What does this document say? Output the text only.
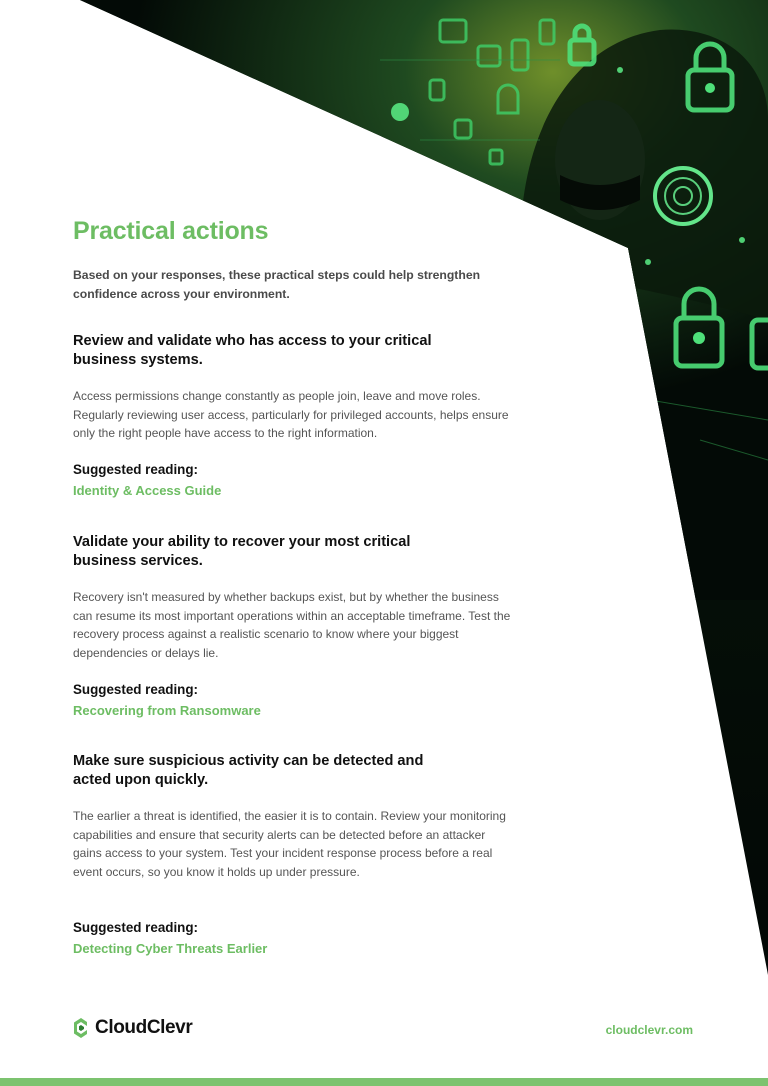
Practical actions
Based on your responses, these practical steps could help strengthen confidence across your environment.
Review and validate who has access to your critical business systems.
Access permissions change constantly as people join, leave and move roles. Regularly reviewing user access, particularly for privileged accounts, helps ensure only the right people have access to the right information.
Suggested reading:
Identity & Access Guide
Validate your ability to recover your most critical business services.
Recovery isn't measured by whether backups exist, but by whether the business can resume its most important operations within an acceptable timeframe. Test the recovery process against a realistic scenario to know where your biggest dependencies or delays lie.
Suggested reading:
Recovering from Ransomware
Make sure suspicious activity can be detected and acted upon quickly.
The earlier a threat is identified, the easier it is to contain. Review your monitoring capabilities and ensure that security alerts can be detected before an attacker gains access to your system. Test your incident response process before a real event occurs, so you know it holds up under pressure.
Suggested reading:
Detecting Cyber Threats Earlier
CloudClevr	cloudclevr.com
